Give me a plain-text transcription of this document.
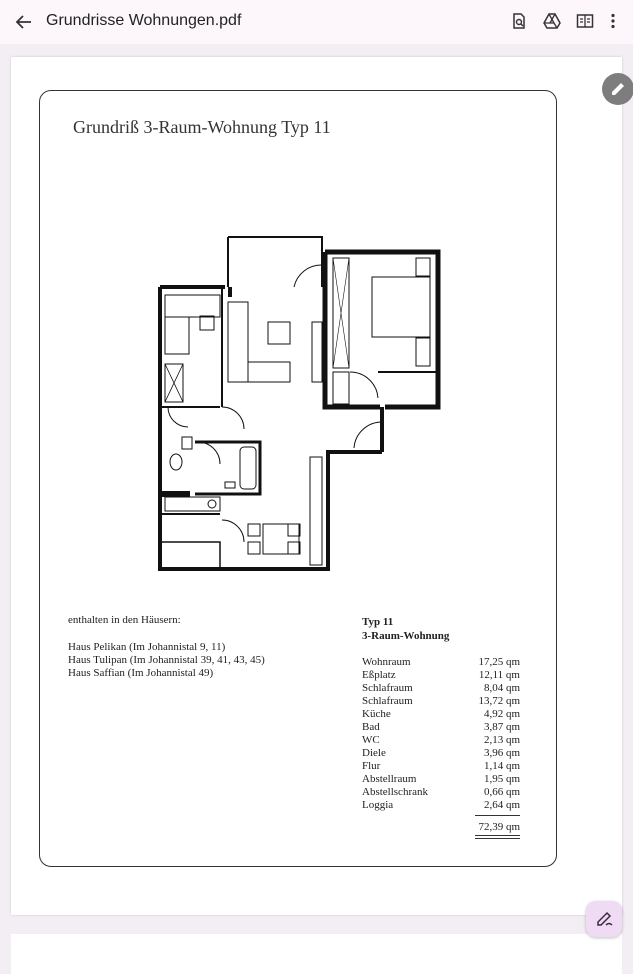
Grundrisse Wohnungen.pdf
Grundriß 3-Raum-Wohnung Typ 11
enthalten in den Häusern:
Haus Pelikan (Im Johannistal 9, 11)
Haus Tulipan (Im Johannistal 39, 41, 43, 45)
Haus Saffian (Im Johannistal 49)
Typ 11
3-Raum-Wohnung
Wohnraum	17,25 qm
Eßplatz	12,11 qm
Schlafraum	8,04 qm
Schlafraum	13,72 qm
Küche	4,92 qm
Bad	3,87 qm
WC	2,13 qm
Diele	3,96 qm
Flur	1,14 qm
Abstellraum	1,95 qm
Abstellschrank	0,66 qm
Loggia	2,64 qm
72,39 qm
